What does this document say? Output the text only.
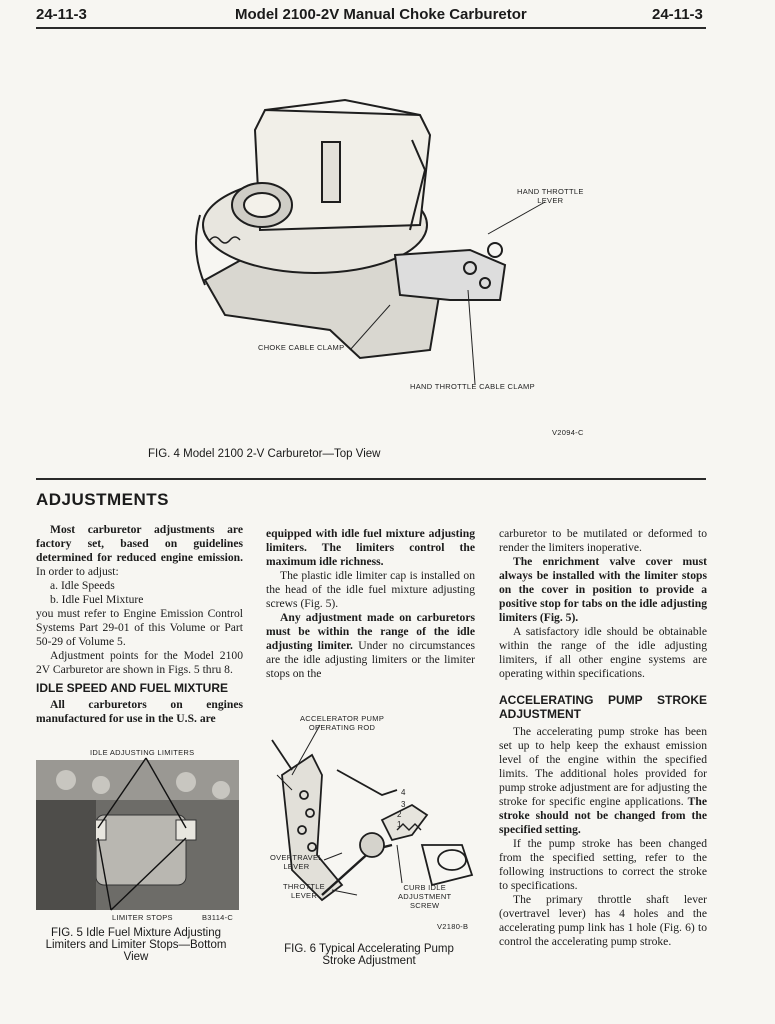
24-11-3	Model 2100-2V Manual Choke Carburetor	24-11-3
HAND THROTTLE
LEVER
CHOKE CABLE CLAMP
HAND THROTTLE CABLE CLAMP
V2094-C
FIG. 4 Model 2100 2-V Carburetor—Top View
ADJUSTMENTS

Most carburetor adjustments are factory set, based on guidelines determined for reduced engine emission. In order to adjust:

a. Idle Speeds

b. Idle Fuel Mixture

you must refer to Engine Emission Control Systems Part 29-01 of this Volume or Part 50-29 of Volume 5.

Adjustment points for the Model 2100 2V Carburetor are shown in Figs. 5 thru 8.

IDLE SPEED AND FUEL MIXTURE

All carburetors on engines manufactured for use in the U.S. are

IDLE ADJUSTING LIMITERS
LIMITER STOPS	B3114-C
FIG. 5 Idle Fuel Mixture Adjusting Limiters and Limiter Stops—Bottom View

equipped with idle fuel mixture adjusting limiters. The limiters control the maximum idle richness.

The plastic idle limiter cap is installed on the head of the idle fuel mixture adjusting screws (Fig. 5).

Any adjustment made on carburetors must be within the range of the idle adjusting limiter. Under no circumstances are the idle adjusting limiters or the limiter stops on the

ACCELERATOR PUMP
OPERATING ROD
4
3
2
1
OVERTRAVEL
LEVER
THROTTLE
LEVER
CURB IDLE
ADJUSTMENT
SCREW
V2180-B
FIG. 6 Typical Accelerating Pump Stroke Adjustment

carburetor to be mutilated or deformed to render the limiters inoperative.

The enrichment valve cover must always be installed with the limiter stops on the cover in position to provide a positive stop for tabs on the idle adjusting limiters (Fig. 5).

A satisfactory idle should be obtainable within the range of the idle adjusting limiters, if all other engine systems are operating within specifications.

ACCELERATING PUMP STROKE ADJUSTMENT

The accelerating pump stroke has been set up to help keep the exhaust emission level of the engine within the specified limits. The additional holes provided for pump stroke adjustment are for adjusting the stroke for specific engine applications. The stroke should not be changed from the specified setting.

If the pump stroke has been changed from the specified setting, refer to the following instructions to correct the stroke to specifications.

The primary throttle shaft lever (overtravel lever) has 4 holes and the accelerating pump link has 1 hole (Fig. 6) to control the accelerating pump stroke.
